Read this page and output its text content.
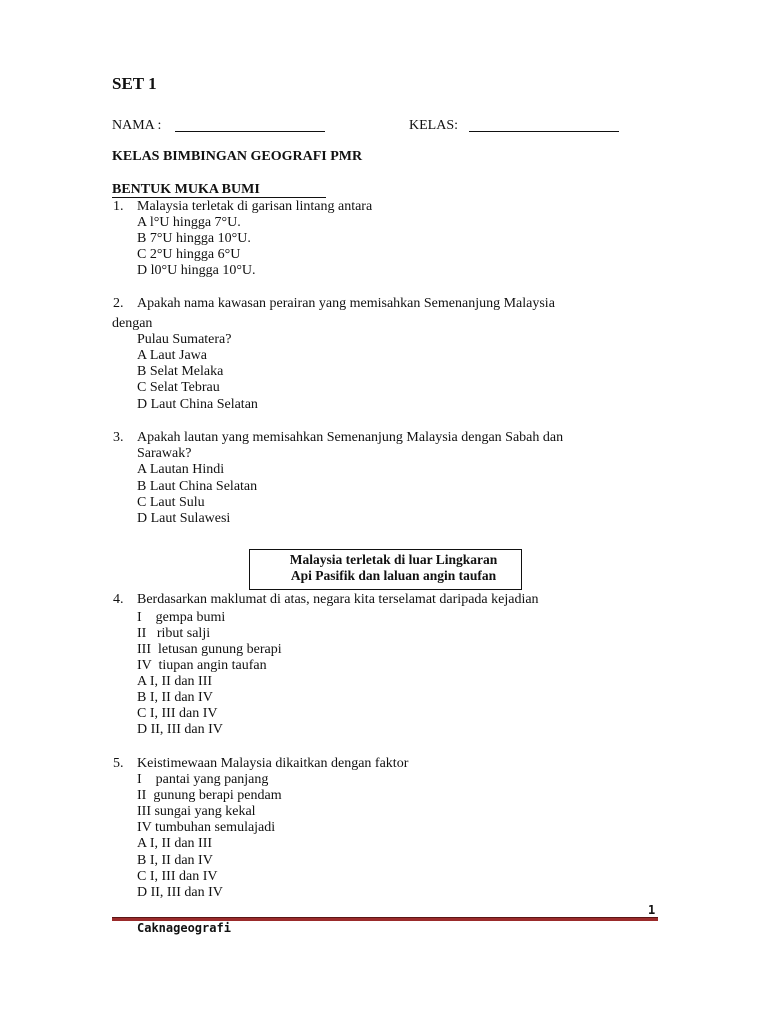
SET 1
NAMA :	KELAS:
KELAS BIMBINGAN GEOGRAFI PMR
BENTUK MUKA BUMI
1. Malaysia terletak di garisan lintang antara
A l°U hingga 7°U.
B 7°U hingga 10°U.
C 2°U hingga 6°U
D l0°U hingga 10°U.
2. Apakah nama kawasan perairan yang memisahkan Semenanjung Malaysia
dengan
Pulau Sumatera?
A Laut Jawa
B Selat Melaka
C Selat Tebrau
D Laut China Selatan
3. Apakah lautan yang memisahkan Semenanjung Malaysia dengan Sabah dan
Sarawak?
A Lautan Hindi
B Laut China Selatan
C Laut Sulu
D Laut Sulawesi
Malaysia terletak di luar Lingkaran
Api Pasifik dan laluan angin taufan
4. Berdasarkan maklumat di atas, negara kita terselamat daripada kejadian
I    gempa bumi
II   ribut salji
III  letusan gunung berapi
IV  tiupan angin taufan
A I, II dan III
B I, II dan IV
C I, III dan IV
D II, III dan IV
5. Keistimewaan Malaysia dikaitkan dengan faktor
I    pantai yang panjang
II  gunung berapi pendam
III sungai yang kekal
IV tumbuhan semulajadi
A I, II dan III
B I, II dan IV
C I, III dan IV
D II, III dan IV
1
Caknageografi
